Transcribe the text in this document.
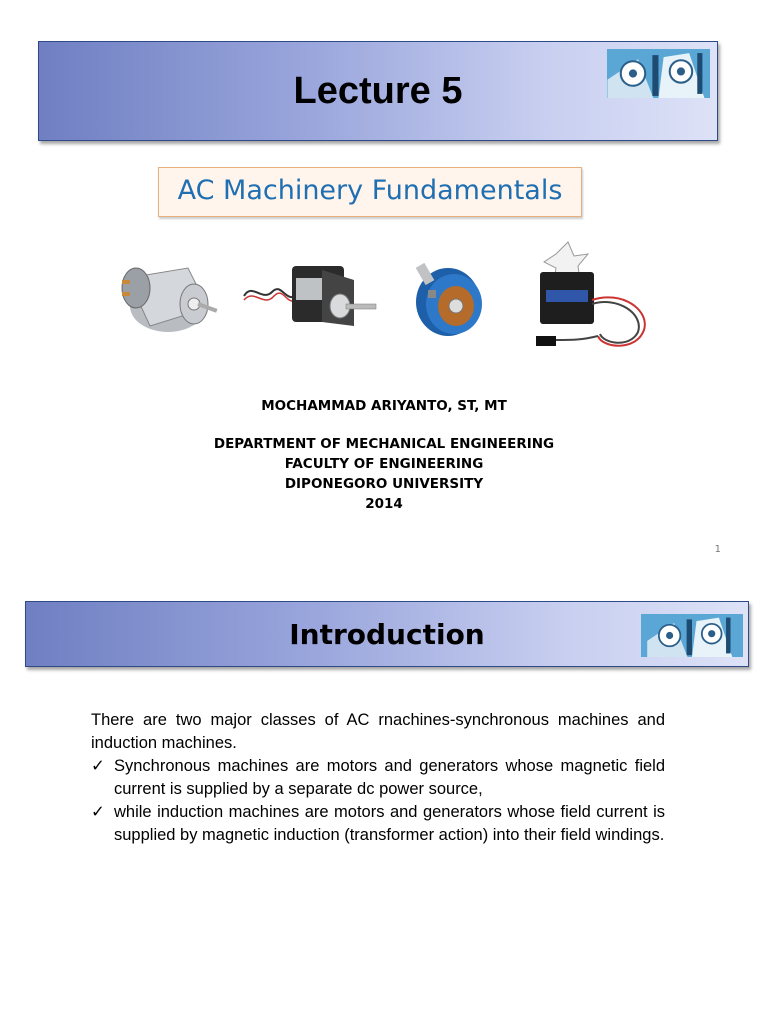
Lecture 5
AC Machinery Fundamentals
MOCHAMMAD ARIYANTO, ST, MT
DEPARTMENT OF MECHANICAL ENGINEERING
FACULTY OF ENGINEERING
DIPONEGORO UNIVERSITY
2014
1
Introduction

There are two major classes of AC rnachines-synchronous machines and induction machines.

✓ Synchronous machines are motors and generators whose magnetic field current is supplied by a separate dc power source,
✓ while induction machines are motors and generators whose field current is supplied by magnetic induction (transformer action) into their field windings.
